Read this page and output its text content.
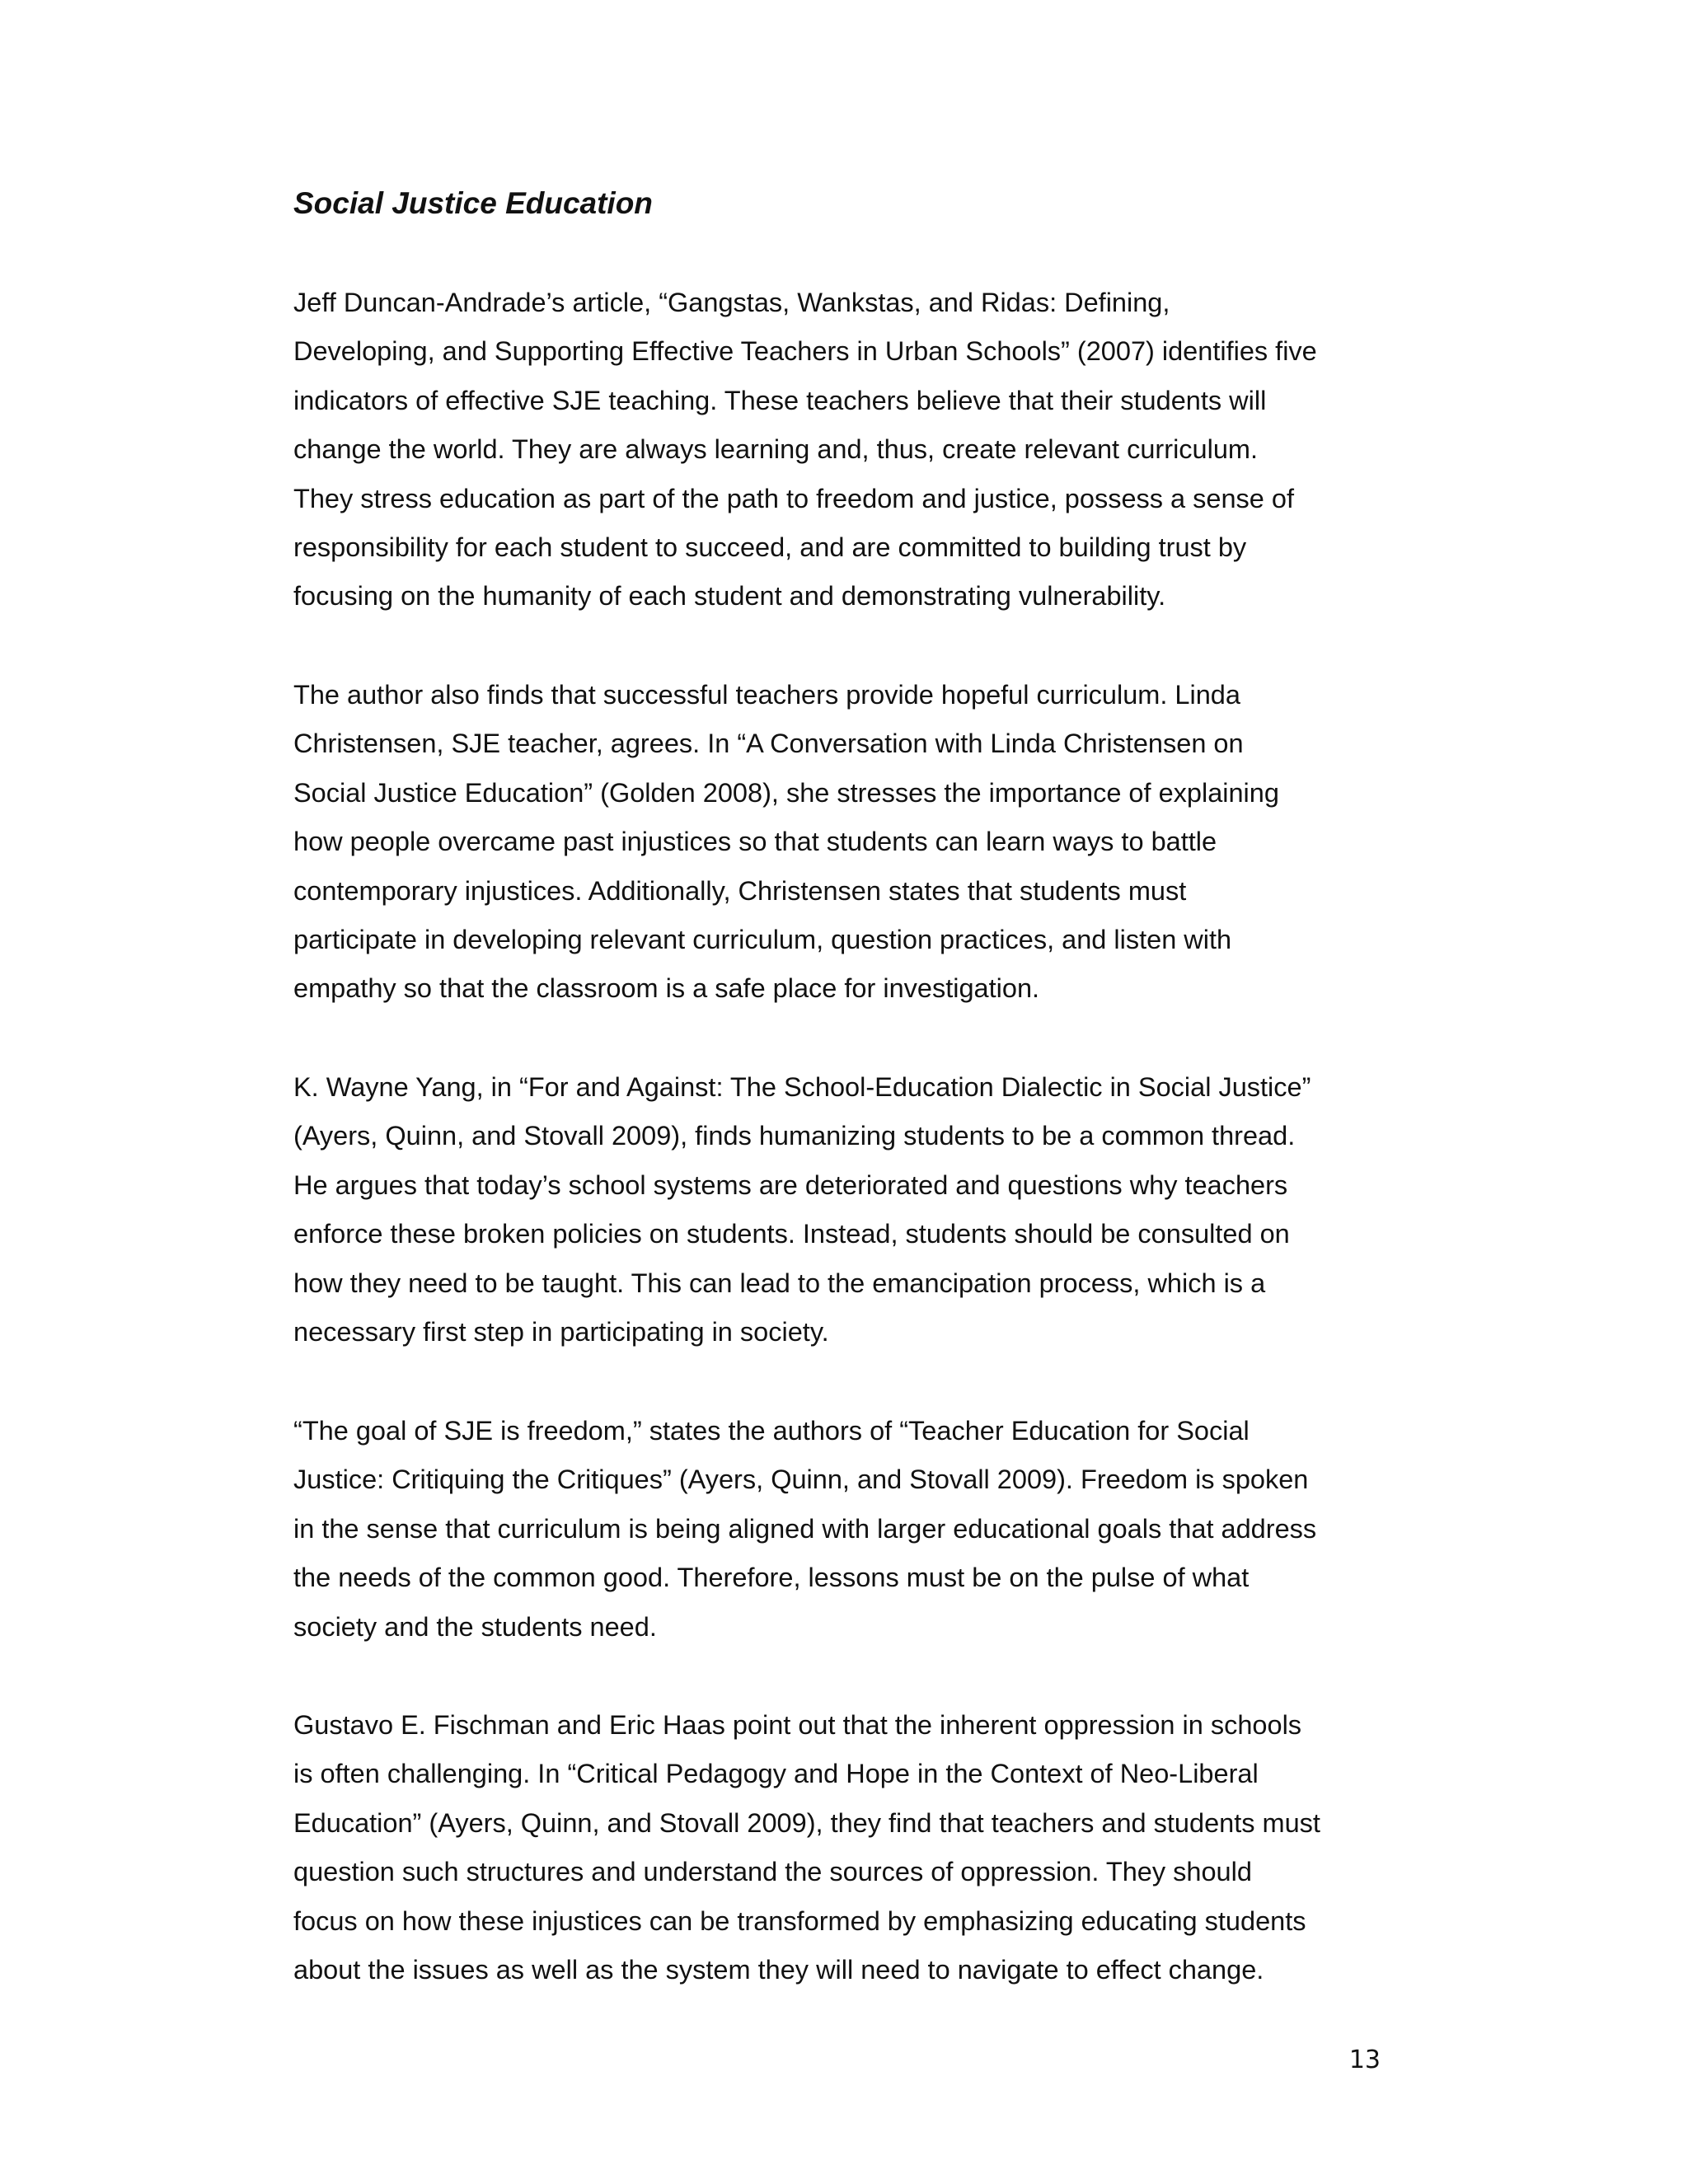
Social Justice Education
Jeff Duncan-Andrade’s article, “Gangstas, Wankstas, and Ridas: Defining,
Developing, and Supporting Effective Teachers in Urban Schools” (2007) identifies five
indicators of effective SJE teaching. These teachers believe that their students will
change the world. They are always learning and, thus, create relevant curriculum.
They stress education as part of the path to freedom and justice, possess a sense of
responsibility for each student to succeed, and are committed to building trust by
focusing on the humanity of each student and demonstrating vulnerability.
The author also finds that successful teachers provide hopeful curriculum. Linda
Christensen, SJE teacher, agrees. In “A Conversation with Linda Christensen on
Social Justice Education” (Golden 2008), she stresses the importance of explaining
how people overcame past injustices so that students can learn ways to battle
contemporary injustices. Additionally, Christensen states that students must
participate in developing relevant curriculum, question practices, and listen with
empathy so that the classroom is a safe place for investigation.
K. Wayne Yang, in “For and Against: The School-Education Dialectic in Social Justice”
(Ayers, Quinn, and Stovall 2009), finds humanizing students to be a common thread.
He argues that today’s school systems are deteriorated and questions why teachers
enforce these broken policies on students. Instead, students should be consulted on
how they need to be taught. This can lead to the emancipation process, which is a
necessary first step in participating in society.
“The goal of SJE is freedom,” states the authors of “Teacher Education for Social
Justice: Critiquing the Critiques” (Ayers, Quinn, and Stovall 2009). Freedom is spoken
in the sense that curriculum is being aligned with larger educational goals that address
the needs of the common good. Therefore, lessons must be on the pulse of what
society and the students need.
Gustavo E. Fischman and Eric Haas point out that the inherent oppression in schools
is often challenging. In “Critical Pedagogy and Hope in the Context of Neo-Liberal
Education” (Ayers, Quinn, and Stovall 2009), they find that teachers and students must
question such structures and understand the sources of oppression. They should
focus on how these injustices can be transformed by emphasizing educating students
about the issues as well as the system they will need to navigate to effect change.
13
